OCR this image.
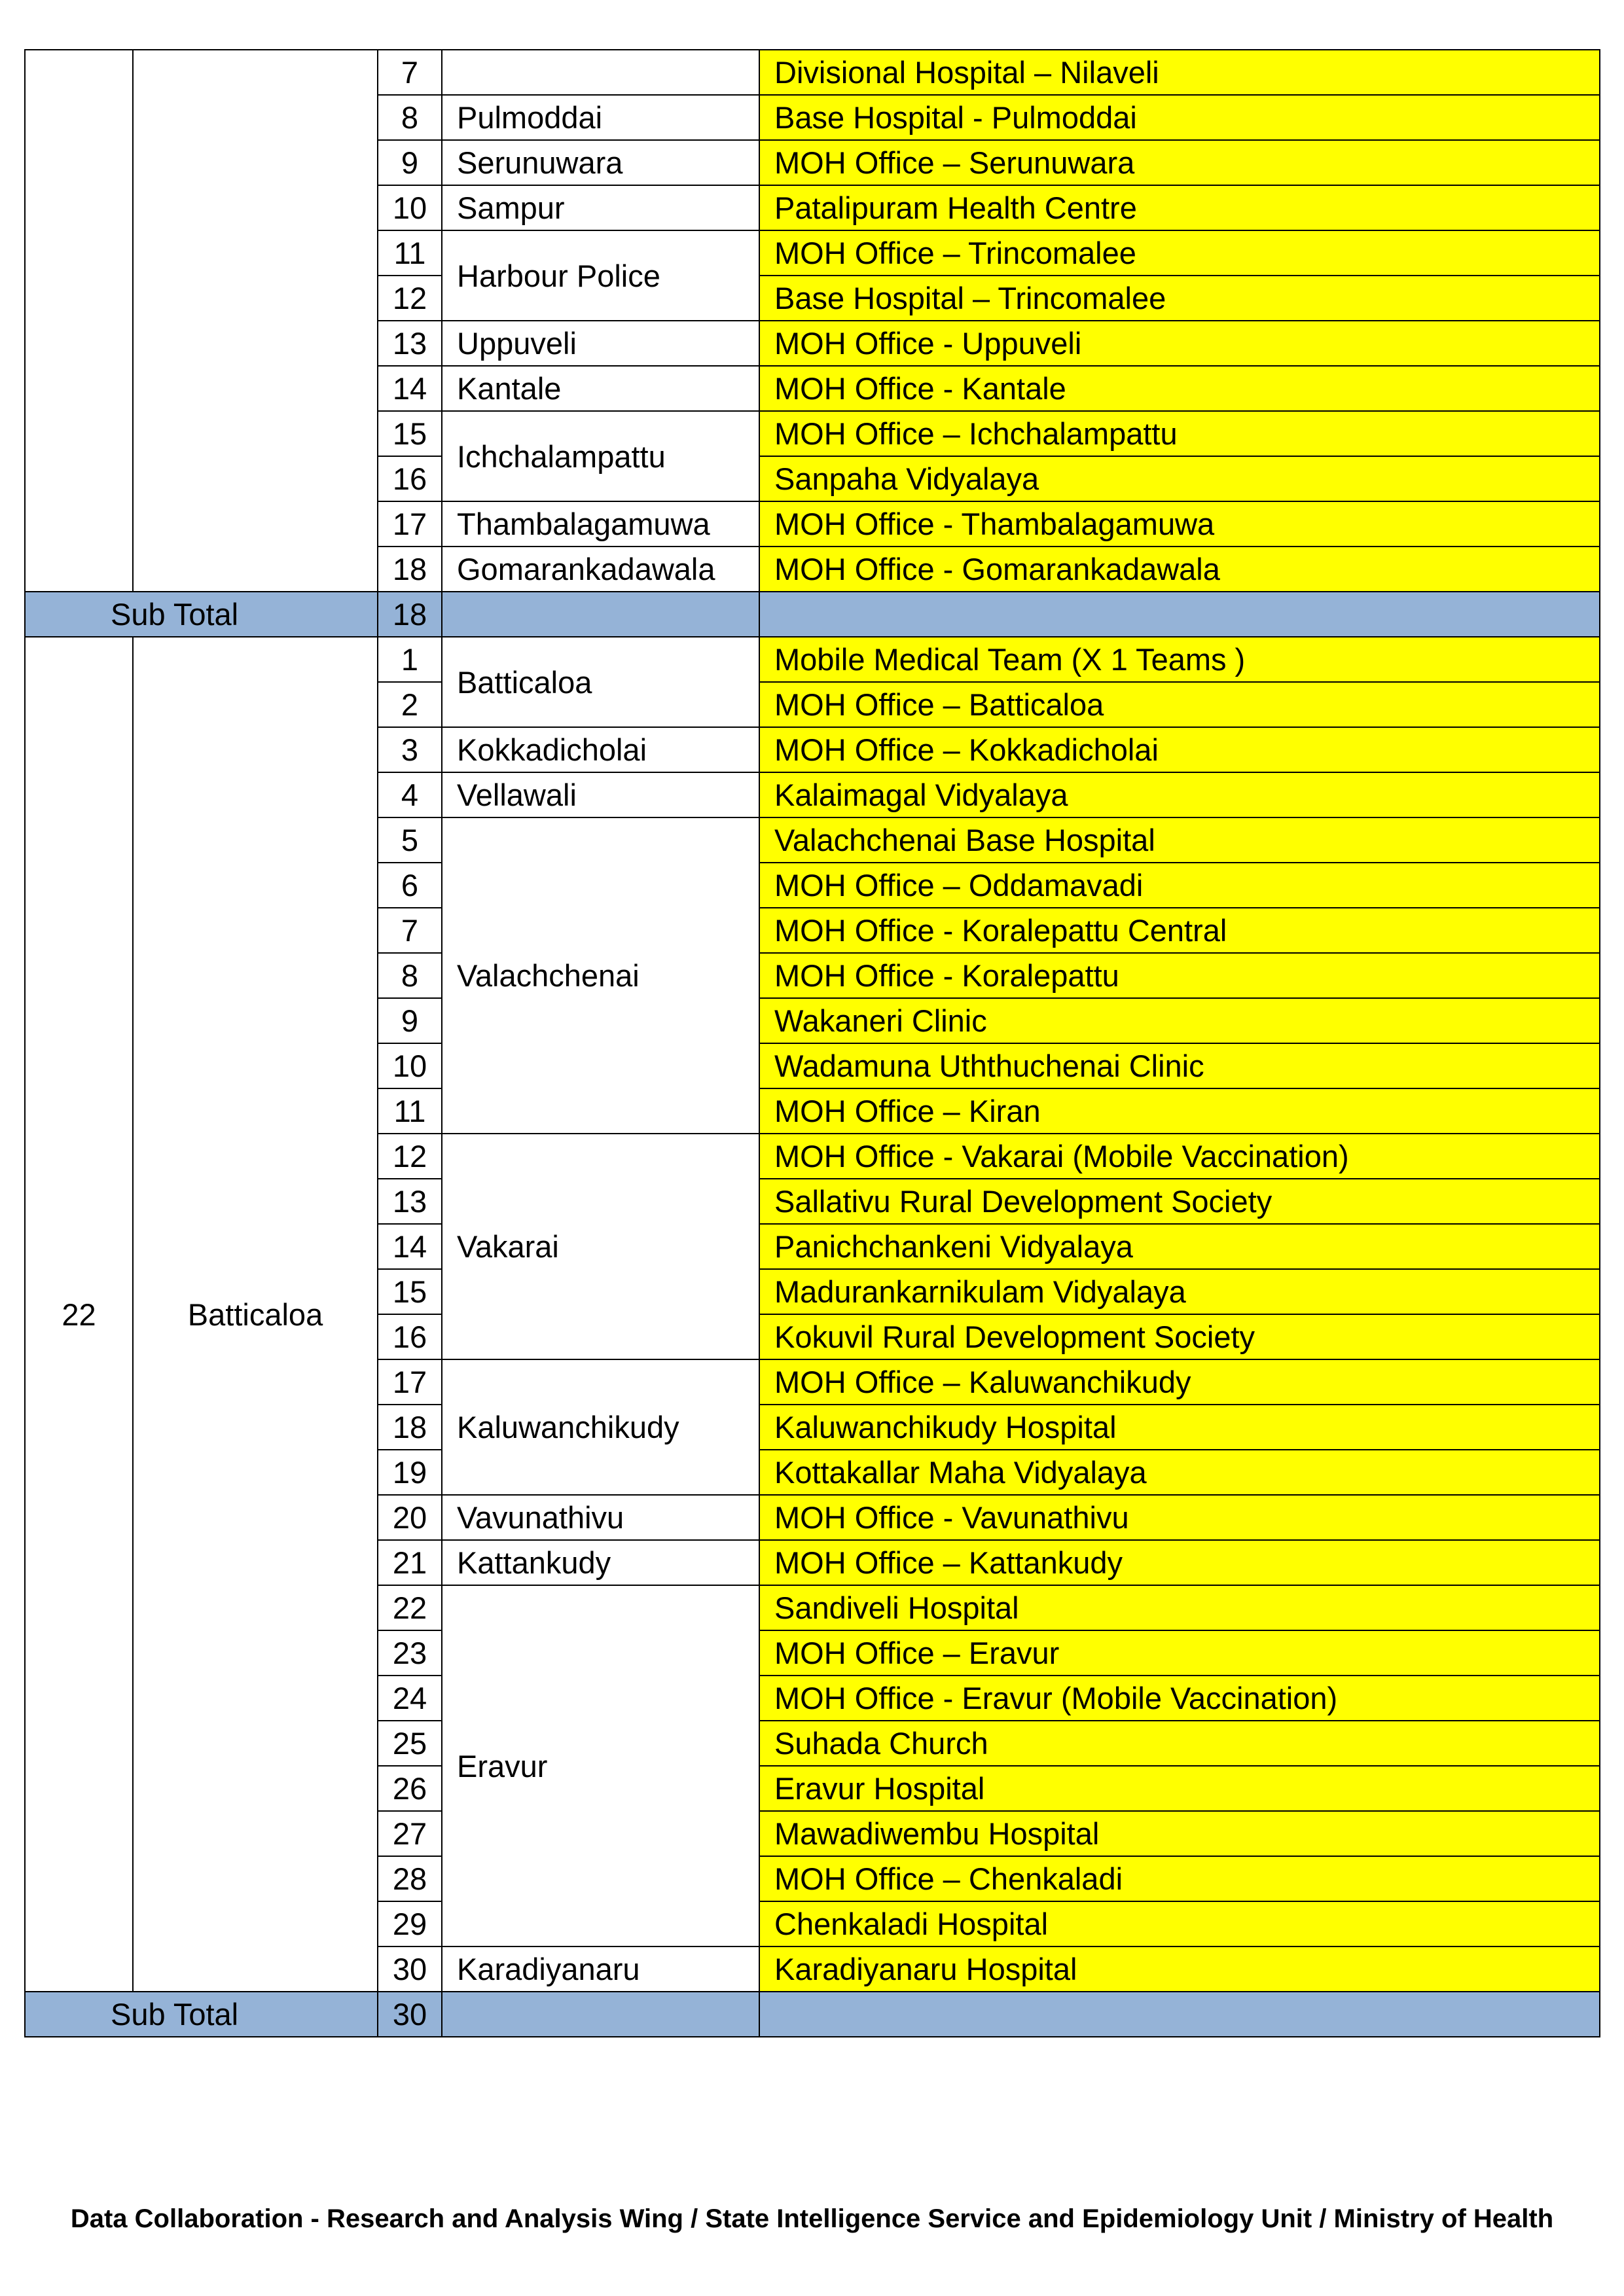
		7		Divisional Hospital – Nilaveli
		8	Pulmoddai	Base Hospital - Pulmoddai
		9	Serunuwara	MOH Office – Serunuwara
		10	Sampur	Patalipuram Health Centre
		11	Harbour Police	MOH Office – Trincomalee
		12		Base Hospital – Trincomalee
		13	Uppuveli	MOH Office - Uppuveli
		14	Kantale	MOH Office - Kantale
		15	Ichchalampattu	MOH Office – Ichchalampattu
		16		Sanpaha Vidyalaya
		17	Thambalagamuwa	MOH Office - Thambalagamuwa
		18	Gomarankadawala	MOH Office - Gomarankadawala
Sub Total		18		
22	Batticaloa	1	Batticaloa	Mobile Medical Team (X 1 Teams )
		2		MOH Office – Batticaloa
		3	Kokkadicholai	MOH Office – Kokkadicholai
		4	Vellawali	Kalaimagal Vidyalaya
		5	Valachchenai	Valachchenai Base Hospital
		6		MOH Office – Oddamavadi
		7		MOH Office - Koralepattu Central
		8		MOH Office - Koralepattu
		9		Wakaneri Clinic
		10		Wadamuna Uththuchenai Clinic
		11		MOH Office – Kiran
		12	Vakarai	MOH Office - Vakarai (Mobile Vaccination)
		13		Sallativu Rural Development Society
		14		Panichchankeni Vidyalaya
		15		Madurankarnikulam Vidyalaya
		16		Kokuvil Rural Development Society
		17	Kaluwanchikudy	MOH Office – Kaluwanchikudy
		18		Kaluwanchikudy Hospital
		19		Kottakallar Maha Vidyalaya
		20	Vavunathivu	MOH Office - Vavunathivu
		21	Kattankudy	MOH Office – Kattankudy
		22	Eravur	Sandiveli Hospital
		23		MOH Office – Eravur
		24		MOH Office - Eravur (Mobile Vaccination)
		25		Suhada Church
		26		Eravur Hospital
		27		Mawadiwembu Hospital
		28		MOH Office – Chenkaladi
		29		Chenkaladi Hospital
		30	Karadiyanaru	Karadiyanaru Hospital
Sub Total		30		
Data Collaboration - Research and Analysis Wing / State Intelligence Service and Epidemiology Unit / Ministry of Health
